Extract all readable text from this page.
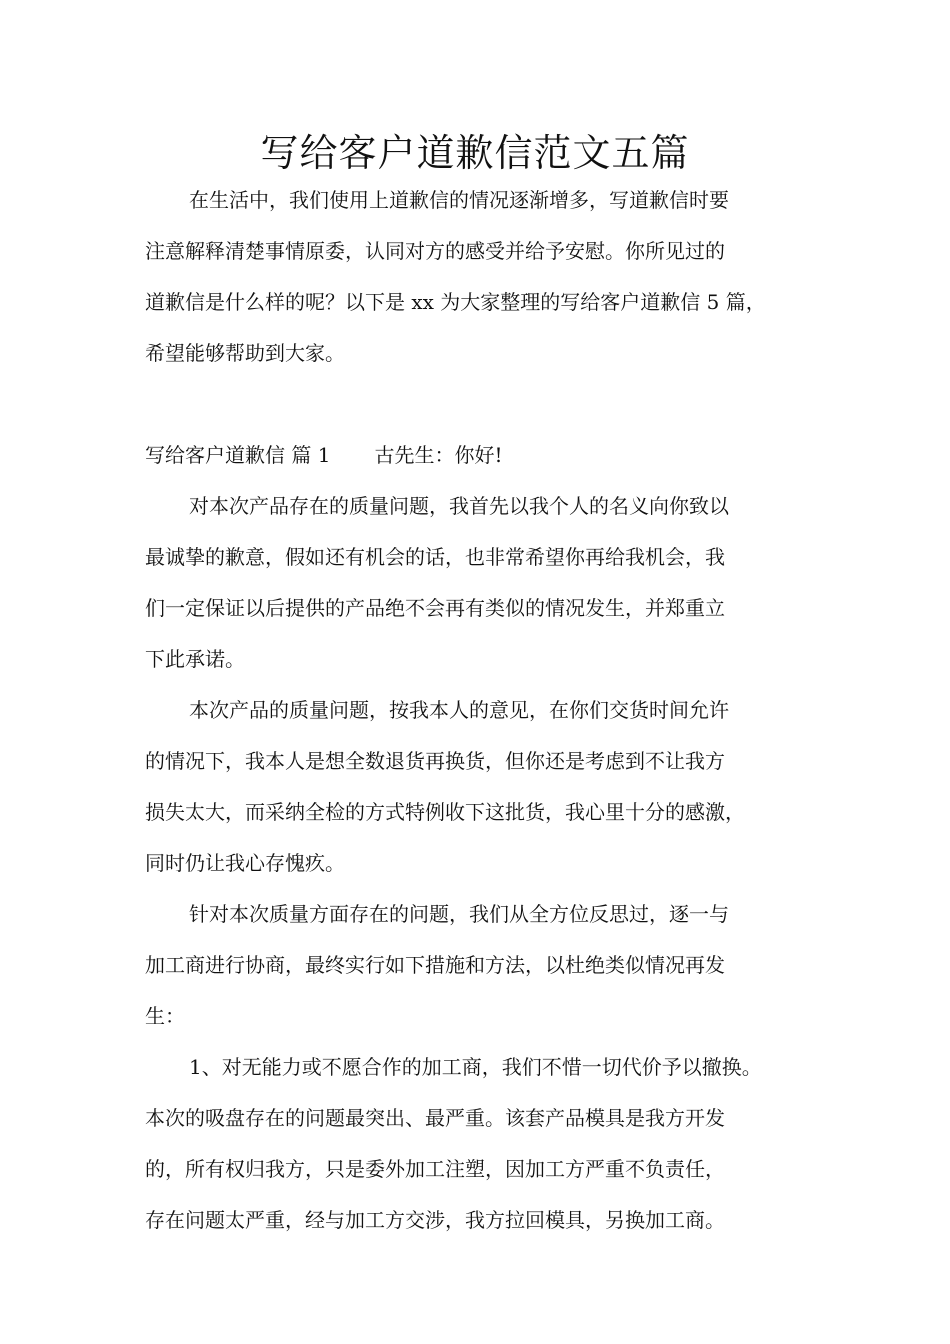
写给客户道歉信范文五篇
在生活中，我们使用上道歉信的情况逐渐增多，写道歉信时要
注意解释清楚事情原委，认同对方的感受并给予安慰。你所见过的
道歉信是什么样的呢？以下是 xx 为大家整理的写给客户道歉信 5 篇，
希望能够帮助到大家。
写给客户道歉信 篇 1 古先生：你好!
对本次产品存在的质量问题，我首先以我个人的名义向你致以
最诚挚的歉意，假如还有机会的话，也非常希望你再给我机会，我
们一定保证以后提供的产品绝不会再有类似的情况发生，并郑重立
下此承诺。
本次产品的质量问题，按我本人的意见，在你们交货时间允许
的情况下，我本人是想全数退货再换货，但你还是考虑到不让我方
损失太大，而采纳全检的方式特例收下这批货，我心里十分的感激，
同时仍让我心存愧疚。
针对本次质量方面存在的问题，我们从全方位反思过，逐一与
加工商进行协商，最终实行如下措施和方法，以杜绝类似情况再发
生：
1、对无能力或不愿合作的加工商，我们不惜一切代价予以撤换。
本次的吸盘存在的问题最突出、最严重。该套产品模具是我方开发
的，所有权归我方，只是委外加工注塑，因加工方严重不负责任，
存在问题太严重，经与加工方交涉，我方拉回模具，另换加工商。
